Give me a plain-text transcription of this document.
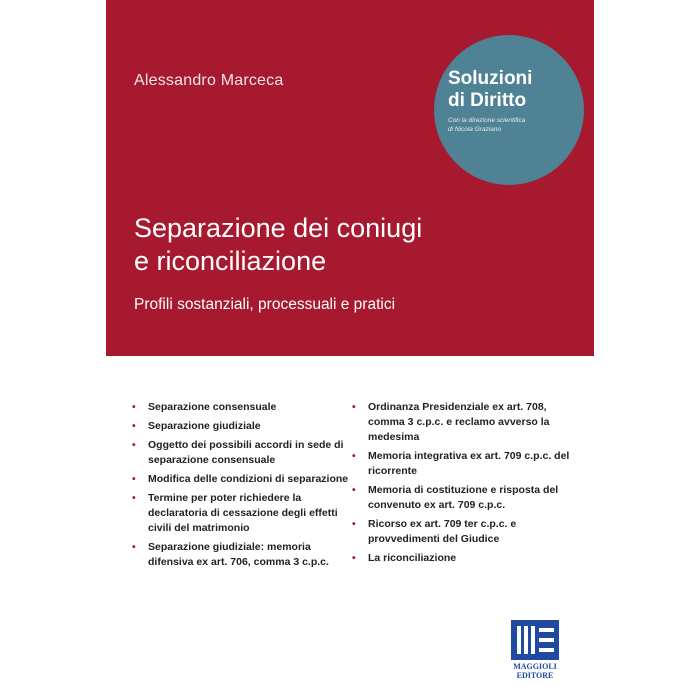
Alessandro Marceca	Soluzioni
di Diritto
Con la direzione scientifica
di Nicola Graziano
Separazione dei coniugi
e riconciliazione
Profili sostanziali, processuali e pratici
• Separazione consensuale
• Separazione giudiziale
• Oggetto dei possibili accordi in sede di separazione consensuale
• Modifica delle condizioni di separazione
• Termine per poter richiedere la declaratoria di cessazione degli effetti civili del matrimonio
• Separazione giudiziale: memoria difensiva ex art. 706, comma 3 c.p.c.
• Ordinanza Presidenziale ex art. 708, comma 3 c.p.c. e reclamo avverso la medesima
• Memoria integrativa ex art. 709 c.p.c. del ricorrente
• Memoria di costituzione e risposta del convenuto ex art. 709 c.p.c.
• Ricorso ex art. 709 ter c.p.c. e provvedimenti del Giudice
• La riconciliazione
MAGGIOLI
EDITORE
